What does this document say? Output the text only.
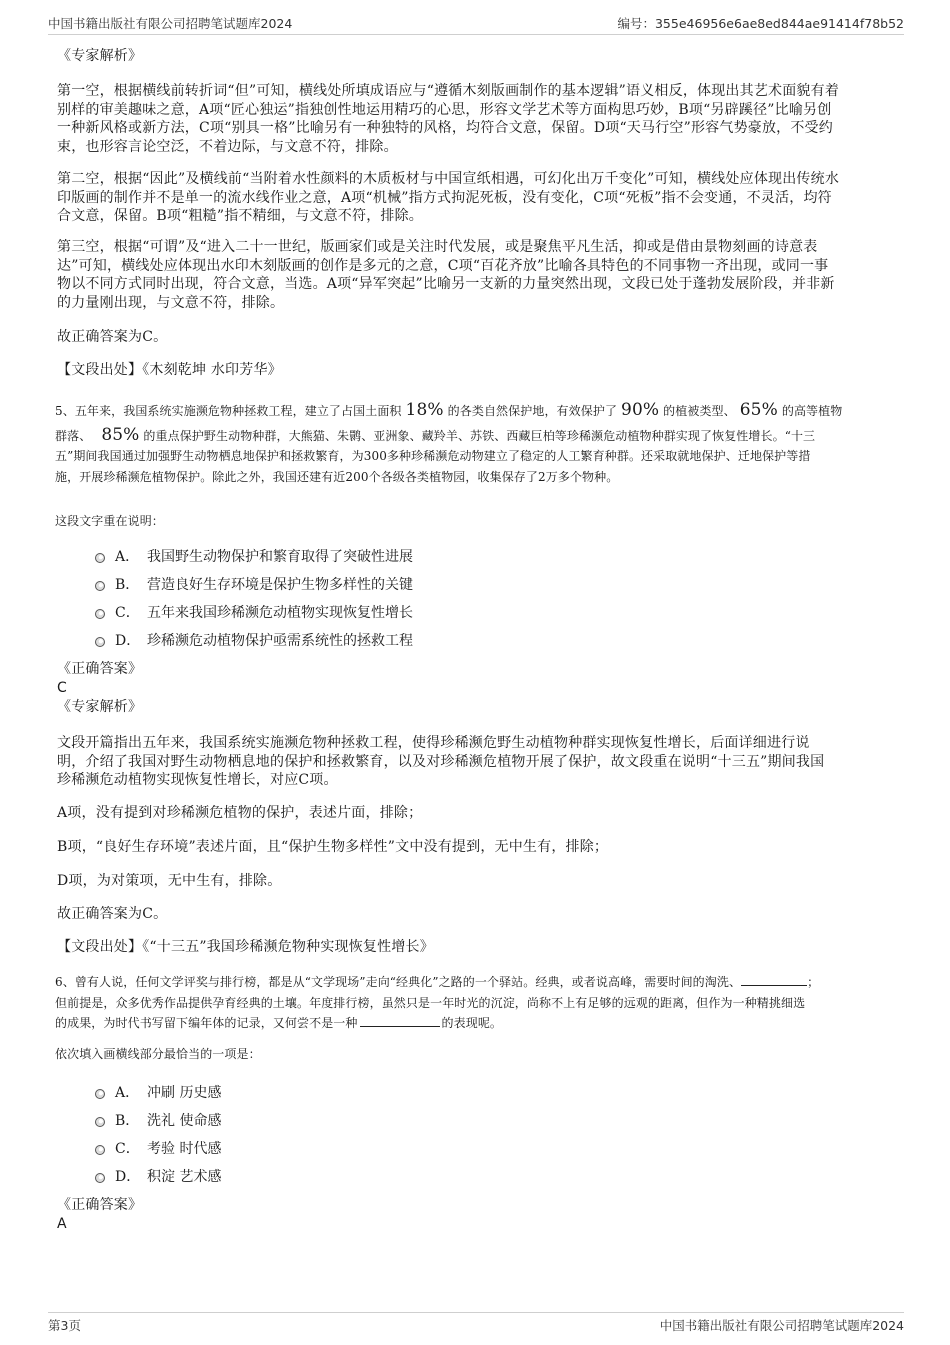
中国书籍出版社有限公司招聘笔试题库2024	编号：355e46956e6ae8ed844ae91414f78b52

《专家解析》

第一空，根据横线前转折词“但”可知，横线处所填成语应与“遵循木刻版画制作的基本逻辑”语义相反，体现出其艺术面貌有着

别样的审美趣味之意，A项“匠心独运”指独创性地运用精巧的心思，形容文学艺术等方面构思巧妙，B项“另辟蹊径”比喻另创

一种新风格或新方法，C项“别具一格”比喻另有一种独特的风格，均符合文意，保留。D项“天马行空”形容气势豪放，不受约

束，也形容言论空泛，不着边际，与文意不符，排除。

第二空，根据“因此”及横线前“当附着水性颜料的木质板材与中国宣纸相遇，可幻化出万千变化”可知，横线处应体现出传统水

印版画的制作并不是单一的流水线作业之意，A项“机械”指方式拘泥死板，没有变化，C项“死板”指不会变通，不灵活，均符

合文意，保留。B项“粗糙”指不精细，与文意不符，排除。

第三空，根据“可谓”及“进入二十一世纪，版画家们或是关注时代发展，或是聚焦平凡生活，抑或是借由景物刻画的诗意表

达”可知，横线处应体现出水印木刻版画的创作是多元的之意，C项“百花齐放”比喻各具特色的不同事物一齐出现，或同一事

物以不同方式同时出现，符合文意，当选。A项“异军突起”比喻另一支新的力量突然出现，文段已处于蓬勃发展阶段，并非新

的力量刚出现，与文意不符，排除。

故正确答案为C。

【文段出处】《木刻乾坤 水印芳华》

5、五年来，我国系统实施濒危物种拯救工程，建立了占国土面积 18% 的各类自然保护地，有效保护了 90% 的植被类型、 65% 的高等植物

群落、 85% 的重点保护野生动物种群，大熊猫、朱鹮、亚洲象、藏羚羊、苏铁、西藏巨柏等珍稀濒危动植物种群实现了恢复性增长。“十三

五”期间我国通过加强野生动物栖息地保护和拯救繁育，为300多种珍稀濒危动物建立了稳定的人工繁育种群。还采取就地保护、迁地保护等措

施，开展珍稀濒危植物保护。除此之外，我国还建有近200个各级各类植物园，收集保存了2万多个物种。

这段文字重在说明：

A． 我国野生动物保护和繁育取得了突破性进展
B． 营造良好生存环境是保护生物多样性的关键
C． 五年来我国珍稀濒危动植物实现恢复性增长
D． 珍稀濒危动植物保护亟需系统性的拯救工程

《正确答案》

C

《专家解析》

文段开篇指出五年来，我国系统实施濒危物种拯救工程，使得珍稀濒危野生动植物种群实现恢复性增长，后面详细进行说

明，介绍了我国对野生动物栖息地的保护和拯救繁育，以及对珍稀濒危植物开展了保护，故文段重在说明“十三五”期间我国

珍稀濒危动植物实现恢复性增长，对应C项。

A项，没有提到对珍稀濒危植物的保护，表述片面，排除；

B项，“良好生存环境”表述片面，且“保护生物多样性”文中没有提到，无中生有，排除；

D项，为对策项，无中生有，排除。

故正确答案为C。

【文段出处】《“十三五”我国珍稀濒危物种实现恢复性增长》

6、曾有人说，任何文学评奖与排行榜，都是从“文学现场”走向“经典化”之路的一个驿站。经典，或者说高峰，需要时间的淘洗、	；

但前提是，众多优秀作品提供孕育经典的土壤。年度排行榜，虽然只是一年时光的沉淀，尚称不上有足够的远观的距离，但作为一种精挑细选

的成果，为时代书写留下编年体的记录，又何尝不是一种	的表现呢。

依次填入画横线部分最恰当的一项是：

A． 冲刷 历史感
B． 洗礼 使命感
C． 考验 时代感
D． 积淀 艺术感

《正确答案》

A

第3页	中国书籍出版社有限公司招聘笔试题库2024
